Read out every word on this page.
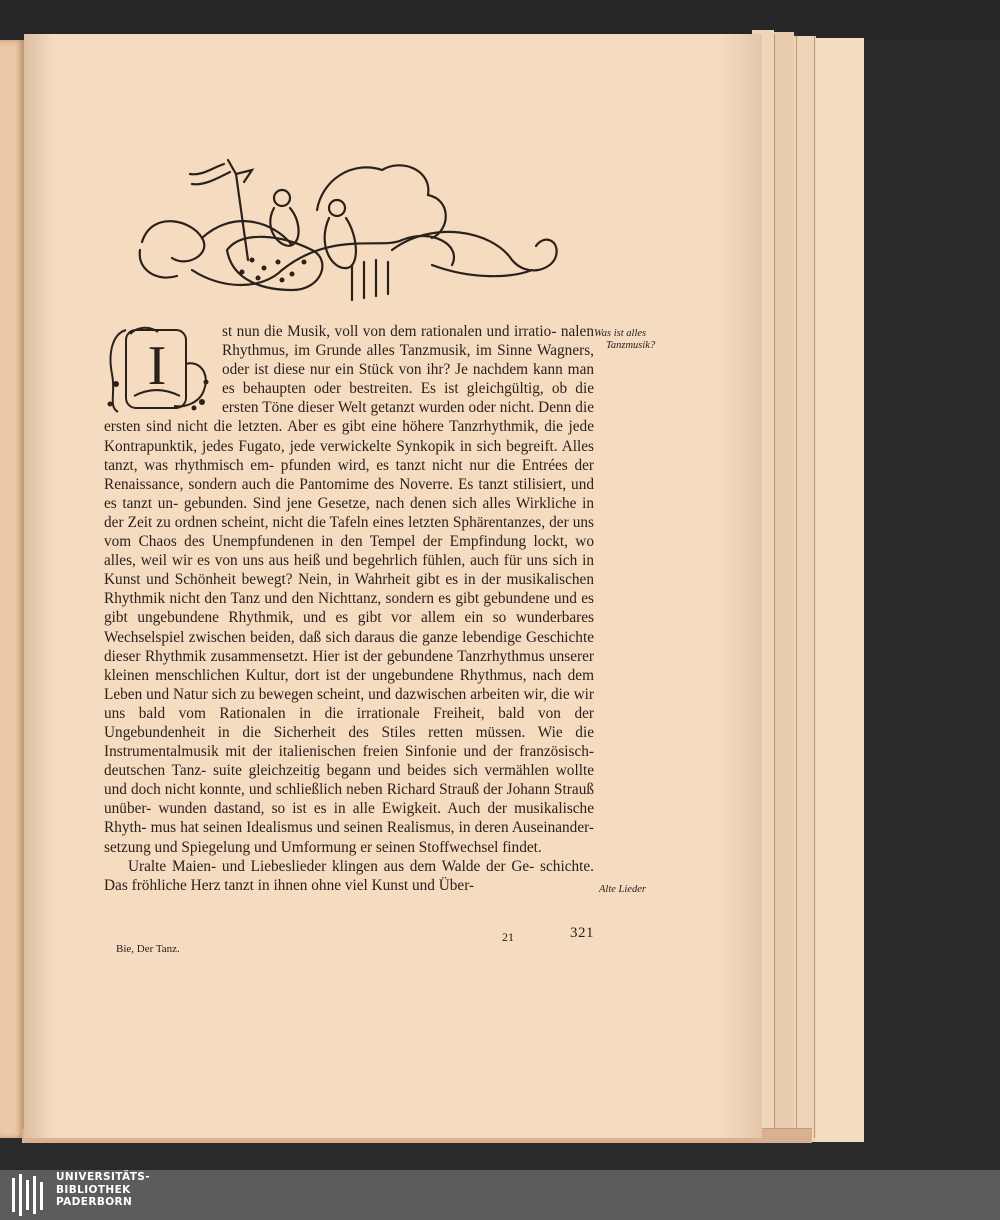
I
st nun die Musik, voll von dem rationalen und irratio- nalen Rhythmus, im Grunde alles Tanzmusik, im Sinne Wagners, oder ist diese nur ein Stück von ihr? Je nachdem kann man es behaupten oder bestreiten. Es ist gleichgültig, ob die ersten Töne dieser Welt getanzt wurden oder nicht. Denn die ersten sind nicht die letzten. Aber es gibt eine höhere Tanzrhythmik, die jede Kontrapunktik, jedes Fugato, jede verwickelte Synkopik in sich begreift. Alles tanzt, was rhythmisch em- pfunden wird, es tanzt nicht nur die Entrées der Renaissance, sondern auch die Pantomime des Noverre. Es tanzt stilisiert, und es tanzt un- gebunden. Sind jene Gesetze, nach denen sich alles Wirkliche in der Zeit zu ordnen scheint, nicht die Tafeln eines letzten Sphärentanzes, der uns vom Chaos des Unempfundenen in den Tempel der Empfindung lockt, wo alles, weil wir es von uns aus heiß und begehrlich fühlen, auch für uns sich in Kunst und Schönheit bewegt? Nein, in Wahrheit gibt es in der musikalischen Rhythmik nicht den Tanz und den Nichttanz, sondern es gibt gebundene und es gibt ungebundene Rhythmik, und es gibt vor allem ein so wunderbares Wechselspiel zwischen beiden, daß sich daraus die ganze lebendige Geschichte dieser Rhythmik zusammensetzt. Hier ist der gebundene Tanzrhythmus unserer kleinen menschlichen Kultur, dort ist der ungebundene Rhythmus, nach dem Leben und Natur sich zu bewegen scheint, und dazwischen arbeiten wir, die wir uns bald vom Rationalen in die irrationale Freiheit, bald von der Ungebundenheit in die Sicherheit des Stiles retten müssen. Wie die Instrumentalmusik mit der italienischen freien Sinfonie und der französisch-deutschen Tanz- suite gleichzeitig begann und beides sich vermählen wollte und doch nicht konnte, und schließlich neben Richard Strauß der Johann Strauß unüber- wunden dastand, so ist es in alle Ewigkeit. Auch der musikalische Rhyth- mus hat seinen Idealismus und seinen Realismus, in deren Auseinander- setzung und Spiegelung und Umformung er seinen Stoffwechsel findet.

Uralte Maien- und Liebeslieder klingen aus dem Walde der Ge- schichte. Das fröhliche Herz tanzt in ihnen ohne viel Kunst und Über-

Was ist alles
Tanzmusik?
Alte Lieder
Bie, Der Tanz.
21	321
UNIVERSITÄTS-
BIBLIOTHEK
PADERBORN
